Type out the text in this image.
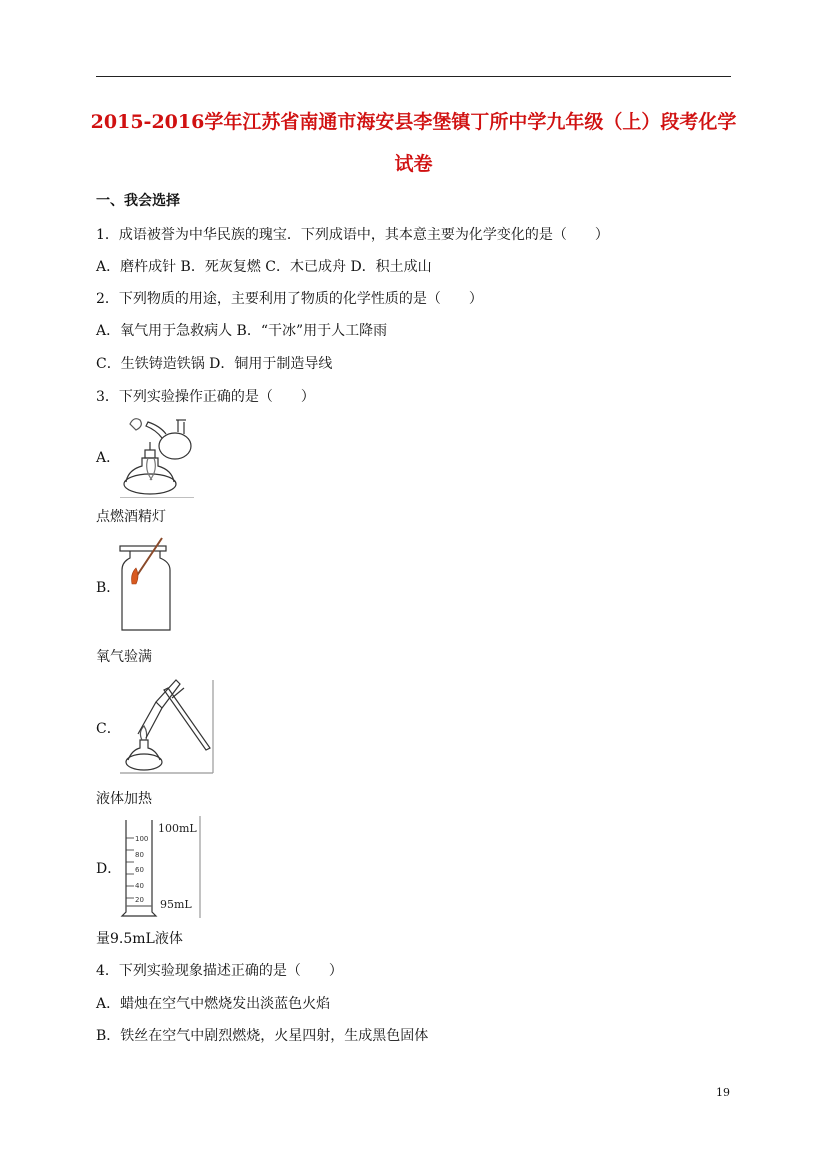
2015-2016学年江苏省南通市海安县李堡镇丁所中学九年级（上）段考化学
试卷
一、我会选择
1．成语被誉为中华民族的瑰宝．下列成语中，其本意主要为化学变化的是（　　）
A．磨杵成针 B．死灰复燃 C．木已成舟 D．积土成山
2．下列物质的用途，主要利用了物质的化学性质的是（　　）
A．氧气用于急救病人 B．“干冰”用于人工降雨
C．生铁铸造铁锅 D．铜用于制造导线
3．下列实验操作正确的是（　　）
A．
点燃酒精灯
B．
氧气验满
C．
液体加热
D．
100
80
60
40
20
100mL
95mL
量9.5mL液体
4．下列实验现象描述正确的是（　　）
A．蜡烛在空气中燃烧发出淡蓝色火焰
B．铁丝在空气中剧烈燃烧，火星四射，生成黑色固体
19
